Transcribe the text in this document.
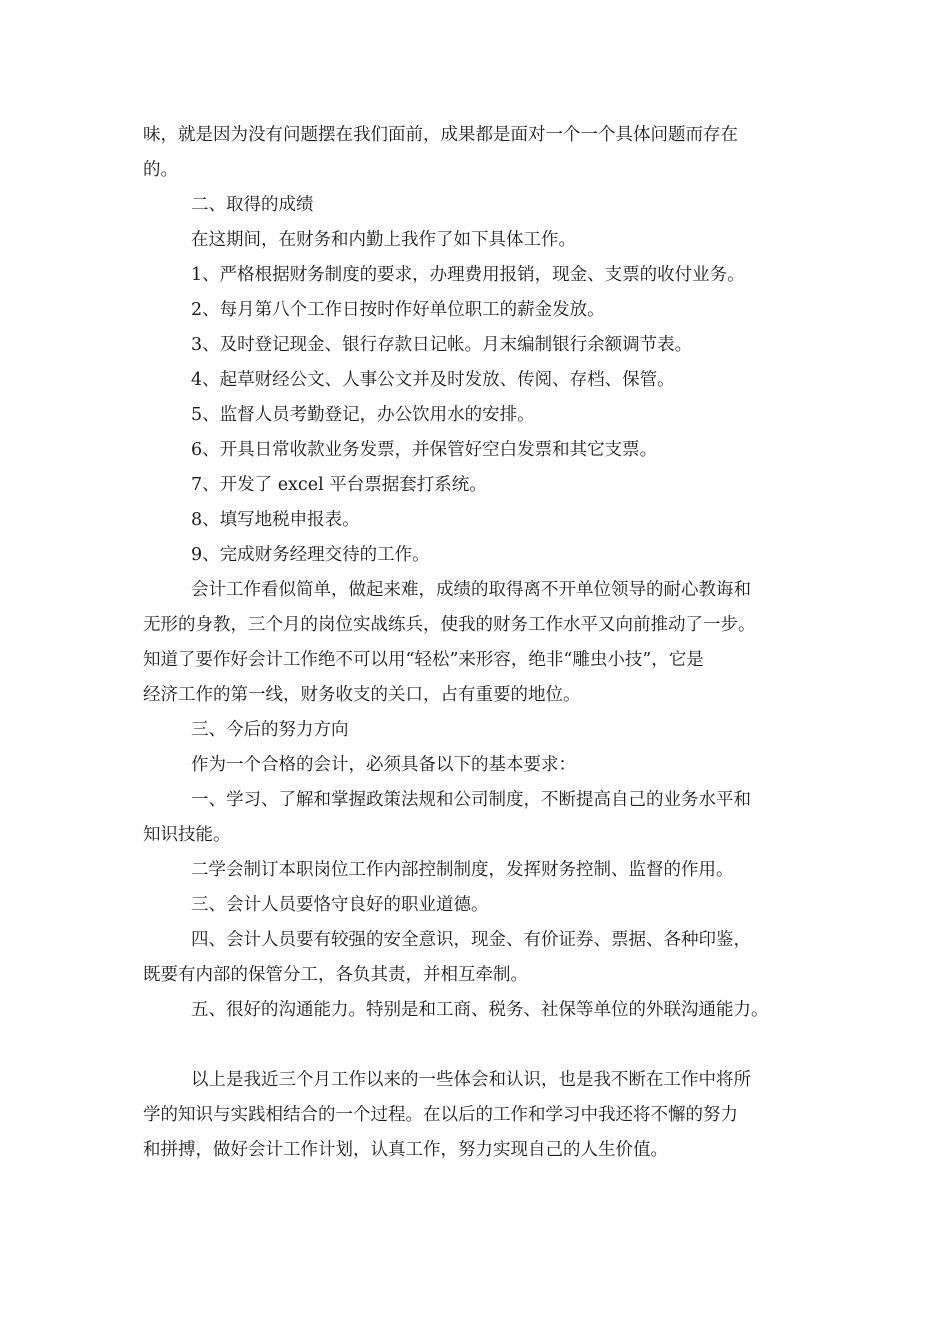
味，就是因为没有问题摆在我们面前，成果都是面对一个一个具体问题而存在
的。
二、取得的成绩
在这期间，在财务和内勤上我作了如下具体工作。
1、严格根据财务制度的要求，办理费用报销，现金、支票的收付业务。
2、每月第八个工作日按时作好单位职工的薪金发放。
3、及时登记现金、银行存款日记帐。月末编制银行余额调节表。
4、起草财经公文、人事公文并及时发放、传阅、存档、保管。
5、监督人员考勤登记，办公饮用水的安排。
6、开具日常收款业务发票，并保管好空白发票和其它支票。
7、开发了 excel 平台票据套打系统。
8、填写地税申报表。
9、完成财务经理交待的工作。
会计工作看似简单，做起来难，成绩的取得离不开单位领导的耐心教诲和
无形的身教，三个月的岗位实战练兵，使我的财务工作水平又向前推动了一步。
知道了要作好会计工作绝不可以用“轻松”来形容，绝非“雕虫小技”，它是
经济工作的第一线，财务收支的关口，占有重要的地位。
三、今后的努力方向
作为一个合格的会计，必须具备以下的基本要求：
一、学习、了解和掌握政策法规和公司制度，不断提高自己的业务水平和
知识技能。
二学会制订本职岗位工作内部控制制度，发挥财务控制、监督的作用。
三、会计人员要恪守良好的职业道德。
四、会计人员要有较强的安全意识，现金、有价证券、票据、各种印鉴，
既要有内部的保管分工，各负其责，并相互牵制。
五、很好的沟通能力。特别是和工商、税务、社保等单位的外联沟通能力。
以上是我近三个月工作以来的一些体会和认识，也是我不断在工作中将所
学的知识与实践相结合的一个过程。在以后的工作和学习中我还将不懈的努力
和拼搏，做好会计工作计划，认真工作，努力实现自己的人生价值。
